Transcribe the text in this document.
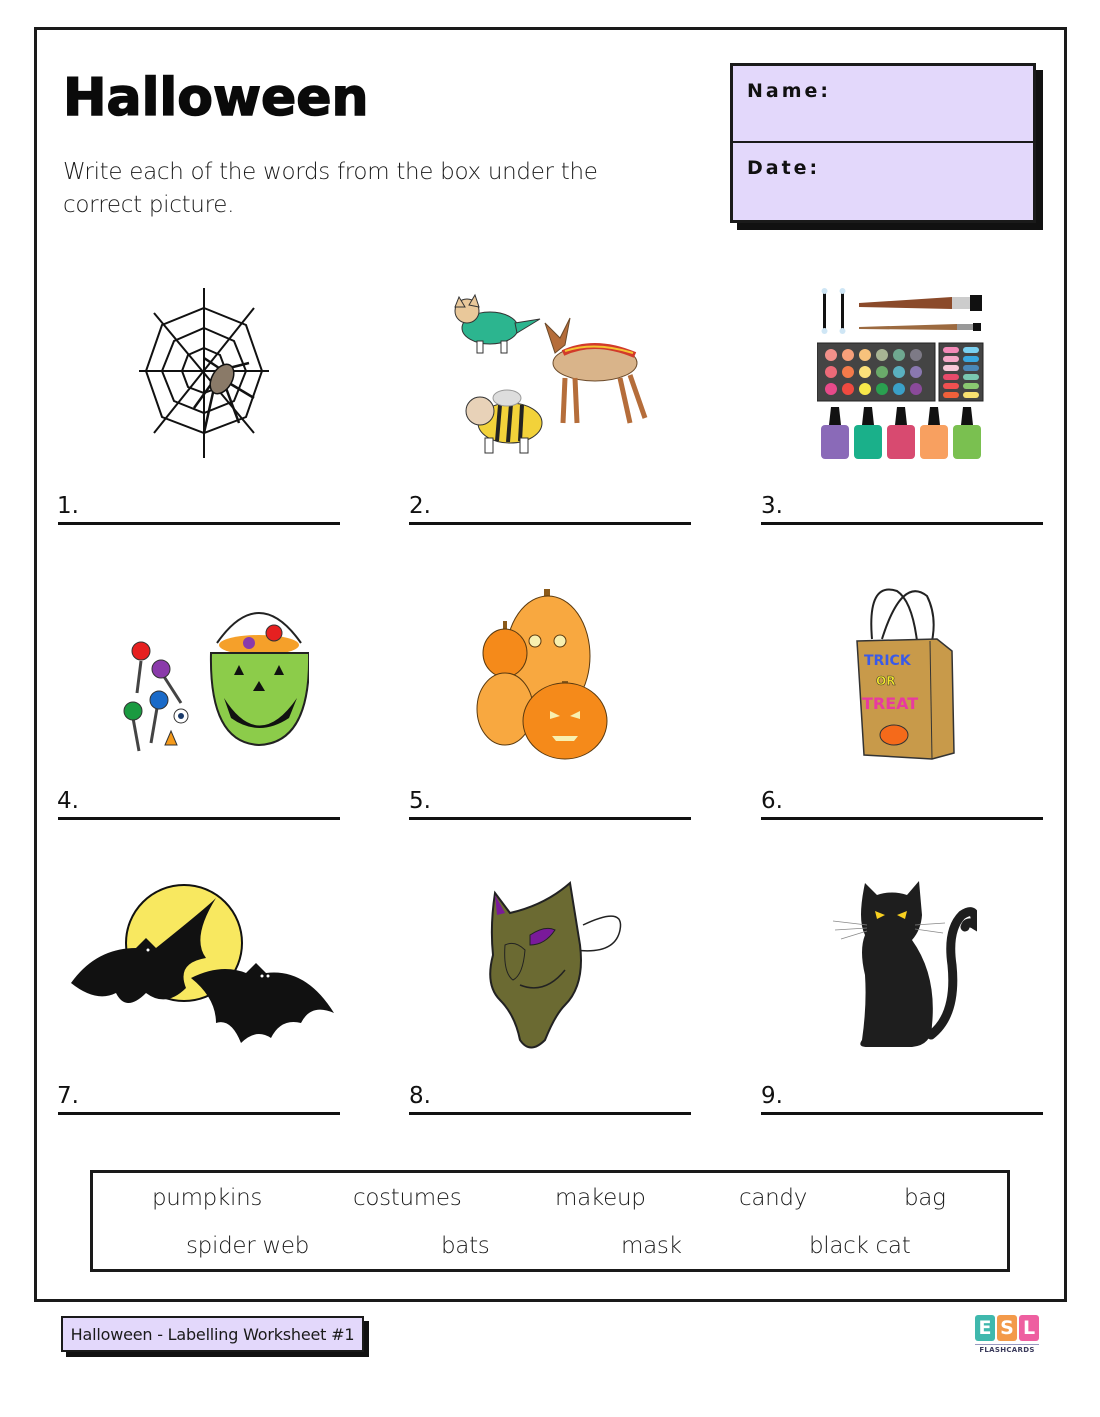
Halloween

Write each of the words from the box under the correct picture.

Name:
Date:
1.	2.	3.
4.	5.
TRICK
OR
TREAT
6.
7.	8.	9.
pumpkins	costumes	makeup	candy	bag
spider web	bats	mask	black cat
Halloween - Labelling Worksheet #1	E S L
FLASHCARDS
